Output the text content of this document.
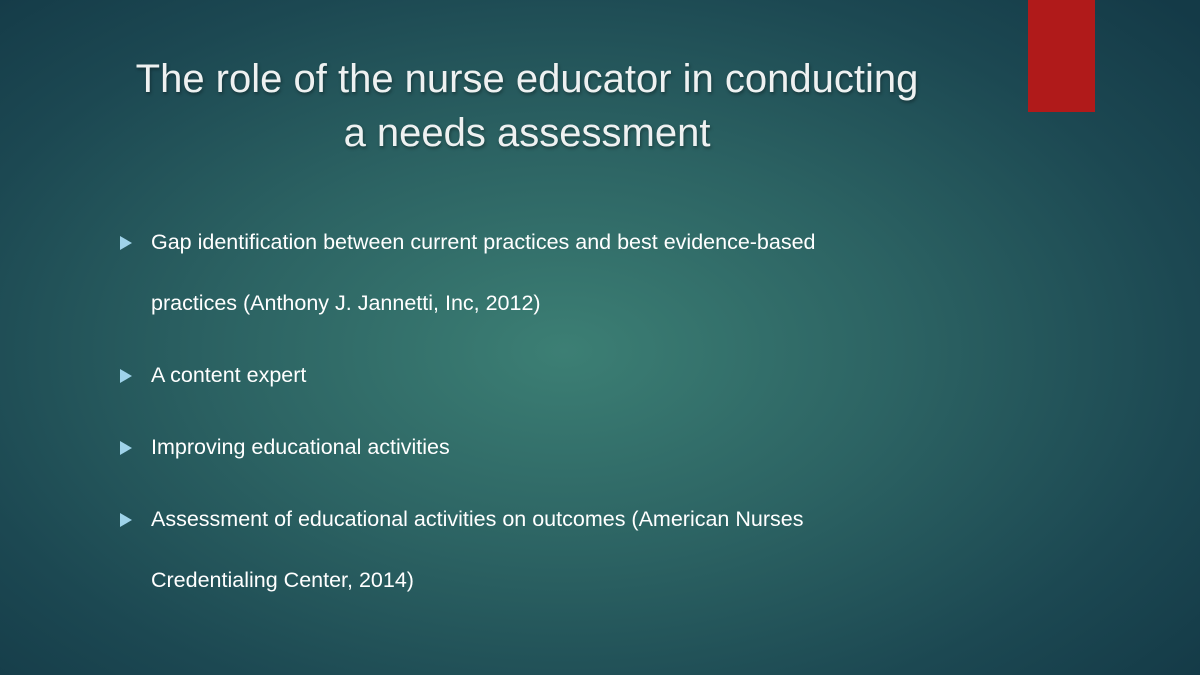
The role of the nurse educator in conducting
a needs assessment
Gap identification between current practices and best evidence-based
practices (Anthony J. Jannetti, Inc, 2012)
A content expert
Improving educational activities
Assessment of educational activities on outcomes (American Nurses
Credentialing Center, 2014)
